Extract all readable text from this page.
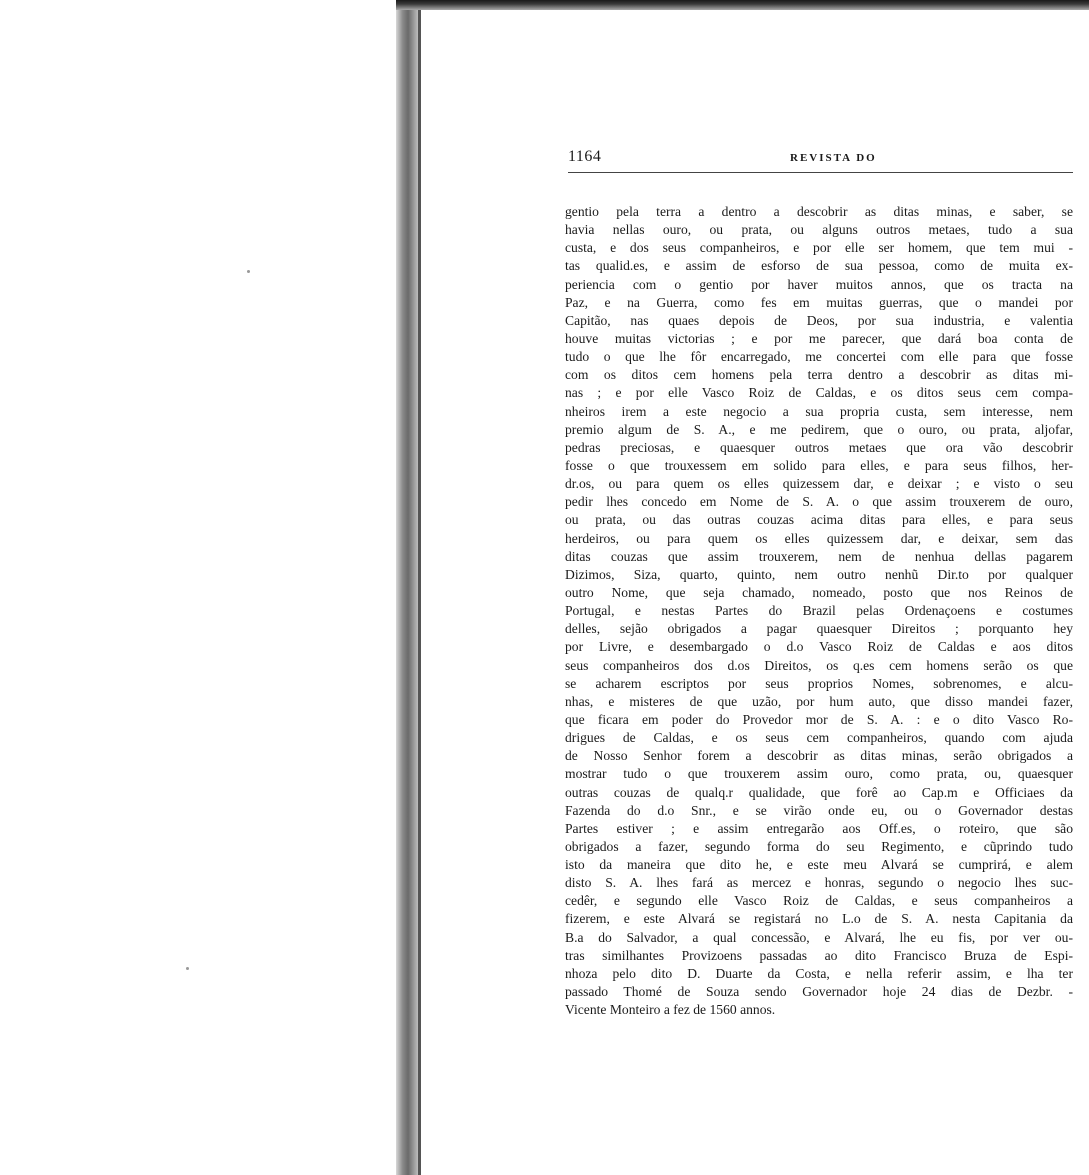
1164	REVISTA DO
gentio pela terra a dentro a descobrir as ditas minas, e saber, se
havia nellas ouro, ou prata, ou alguns outros metaes, tudo a sua
custa, e dos seus companheiros, e por elle ser homem, que tem mui -
tas qualid.es, e assim de esforso de sua pessoa, como de muita ex-
periencia com o gentio por haver muitos annos, que os tracta na
Paz, e na Guerra, como fes em muitas guerras, que o mandei por
Capitão, nas quaes depois de Deos, por sua industria, e valentia
houve muitas victorias ; e por me parecer, que dará boa conta de
tudo o que lhe fôr encarregado, me concertei com elle para que fosse
com os ditos cem homens pela terra dentro a descobrir as ditas mi-
nas ; e por elle Vasco Roiz de Caldas, e os ditos seus cem compa-
nheiros irem a este negocio a sua propria custa, sem interesse, nem
premio algum de S. A., e me pedirem, que o ouro, ou prata, aljofar,
pedras preciosas, e quaesquer outros metaes que ora vão descobrir
fosse o que trouxessem em solido para elles, e para seus filhos, her-
dr.os, ou para quem os elles quizessem dar, e deixar ; e visto o seu
pedir lhes concedo em Nome de S. A. o que assim trouxerem de ouro,
ou prata, ou das outras couzas acima ditas para elles, e para seus
herdeiros, ou para quem os elles quizessem dar, e deixar, sem das
ditas couzas que assim trouxerem, nem de nenhua dellas pagarem
Dizimos, Siza, quarto, quinto, nem outro nenhũ Dir.to por qualquer
outro Nome, que seja chamado, nomeado, posto que nos Reinos de
Portugal, e nestas Partes do Brazil pelas Ordenaçoens e costumes
delles, sejão obrigados a pagar quaesquer Direitos ; porquanto hey
por Livre, e desembargado o d.o Vasco Roiz de Caldas e aos ditos
seus companheiros dos d.os Direitos, os q.es cem homens serão os que
se acharem escriptos por seus proprios Nomes, sobrenomes, e alcu-
nhas, e misteres de que uzão, por hum auto, que disso mandei fazer,
que ficara em poder do Provedor mor de S. A. : e o dito Vasco Ro-
drigues de Caldas, e os seus cem companheiros, quando com ajuda
de Nosso Senhor forem a descobrir as ditas minas, serão obrigados a
mostrar tudo o que trouxerem assim ouro, como prata, ou, quaesquer
outras couzas de qualq.r qualidade, que forê ao Cap.m e Officiaes da
Fazenda do d.o Snr., e se virão onde eu, ou o Governador destas
Partes estiver ; e assim entregarão aos Off.es, o roteiro, que são
obrigados a fazer, segundo forma do seu Regimento, e cũprindo tudo
isto da maneira que dito he, e este meu Alvará se cumprirá, e alem
disto S. A. lhes fará as mercez e honras, segundo o negocio lhes suc-
cedêr, e segundo elle Vasco Roiz de Caldas, e seus companheiros a
fizerem, e este Alvará se registará no L.o de S. A. nesta Capitania da
B.a do Salvador, a qual concessão, e Alvará, lhe eu fis, por ver ou-
tras similhantes Provizoens passadas ao dito Francisco Bruza de Espi-
nhoza pelo dito D. Duarte da Costa, e nella referir assim, e lha ter
passado Thomé de Souza sendo Governador hoje 24 dias de Dezbr. -
Vicente Monteiro a fez de 1560 annos.
